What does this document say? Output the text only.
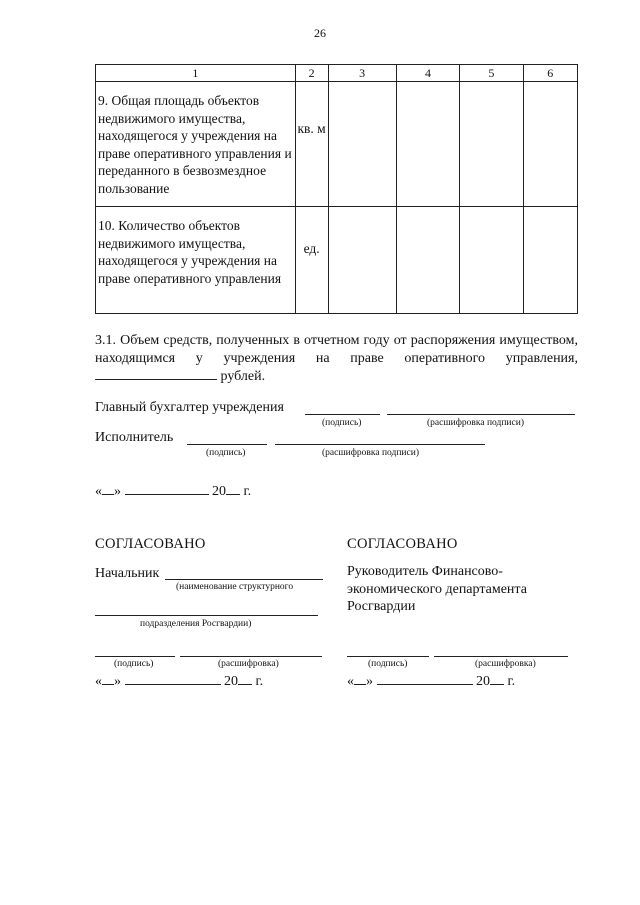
26
1	2	3	4	5	6

9. Общая площадь объектов недвижимого имущества, находящегося у учреждения на праве оперативного управления и переданного в безвозмездное пользование	кв. м				

10. Количество объектов недвижимого имущества, находящегося у учреждения на праве оперативного управления	ед.				

3.1. Объем средств, полученных в отчетном году от распоряжения имуществом, находящимся у учреждения на праве оперативного управления,  рублей.
Главный бухгалтер учреждения
(подпись)	(расшифровка подписи)
Исполнитель
(подпись)	(расшифровка подписи)
« »	20 г.
СОГЛАСОВАНО
Начальник
(наименование структурного
подразделения Росгвардии)
(подпись)	(расшифровка)
« »	20 г.
СОГЛАСОВАНО
Руководитель Финансово-экономического департамента Росгвардии
(подпись)	(расшифровка)
« »	20 г.
